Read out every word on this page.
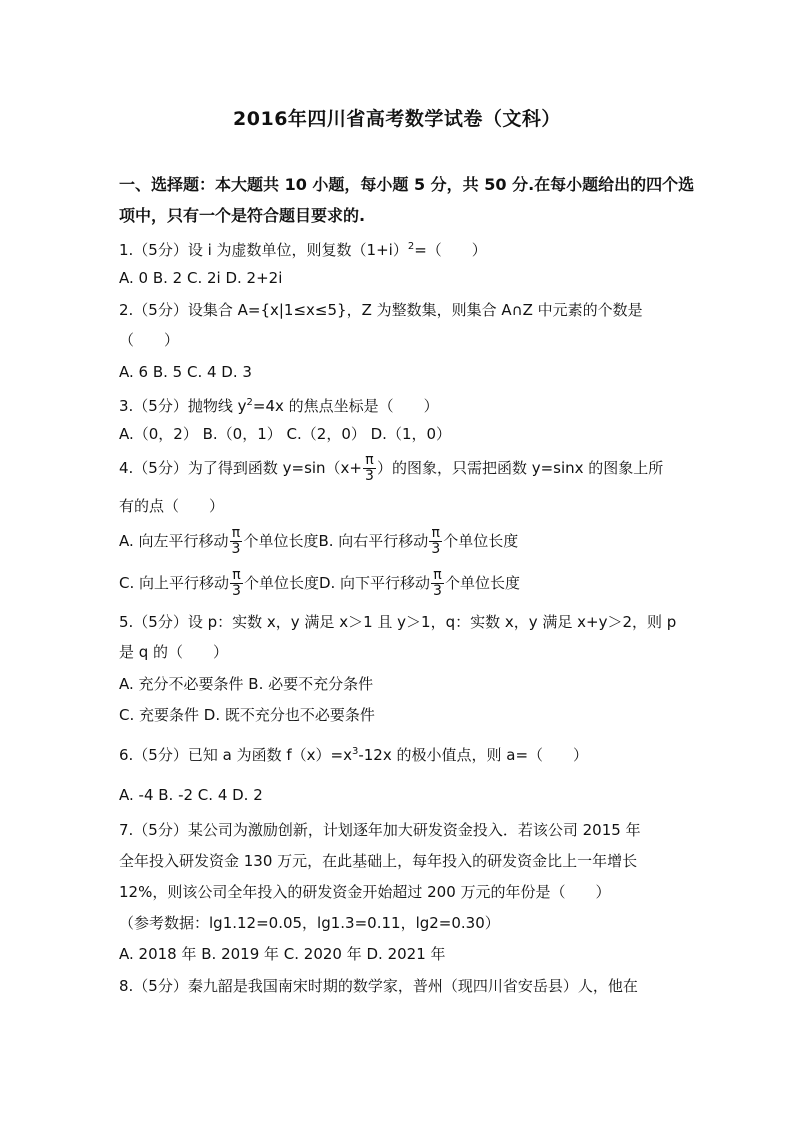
2016年四川省高考数学试卷（文科）
一、选择题：本大题共 10 小题，每小题 5 分，共 50 分.在每小题给出的四个选
项中，只有一个是符合题目要求的.
1.（5分）设 i 为虚数单位，则复数$(1+i)^2=$（　　）
A. 0 B. 2 C. 2i D. 2+2i
2.（5分）设集合 A={x|1≤x≤5}，Z 为整数集，则集合 A∩Z 中元素的个数是
（　　）
A. 6 B. 5 C. 4 D. 3
3.（5分）抛物线 $y^2=4x$ 的焦点坐标是（　　）
A.（0，2） B.（0，1） C.（2，0） D.（1，0）
4.（5分）为了得到函数 $y=\sin(x+ \frac{\pi}{3}$ ）的图象，只需把函数 y=sinx 的图象上所
有的点（　　）
A. 向左平行移动 $\frac{\pi}{3}$ 个单位长度B. 向右平行移动 $\frac{\pi}{3}$ 个单位长度
C. 向上平行移动 $\frac{\pi}{3}$ 个单位长度D. 向下平行移动 $\frac{\pi}{3}$ 个单位长度
5.（5分）设 p：实数 x，y 满足 x＞1 且 y＞1，q：实数 x，y 满足 x+y＞2，则 p
是 q 的（　　）
A. 充分不必要条件 B. 必要不充分条件
C. 充要条件 D. 既不充分也不必要条件
6.（5分）已知 a 为函数 $f(x)=x^3-12x$ 的极小值点，则 a=（　　）
A. -4 B. -2 C. 4 D. 2
7.（5分）某公司为激励创新，计划逐年加大研发资金投入．若该公司 2015 年
全年投入研发资金 130 万元，在此基础上，每年投入的研发资金比上一年增长
12%，则该公司全年投入的研发资金开始超过 200 万元的年份是（　　）
（参考数据：lg1.12=0.05，lg1.3=0.11，lg2=0.30）
A. 2018 年 B. 2019 年 C. 2020 年 D. 2021 年
8.（5分）秦九韶是我国南宋时期的数学家，普州（现四川省安岳县）人，他在
